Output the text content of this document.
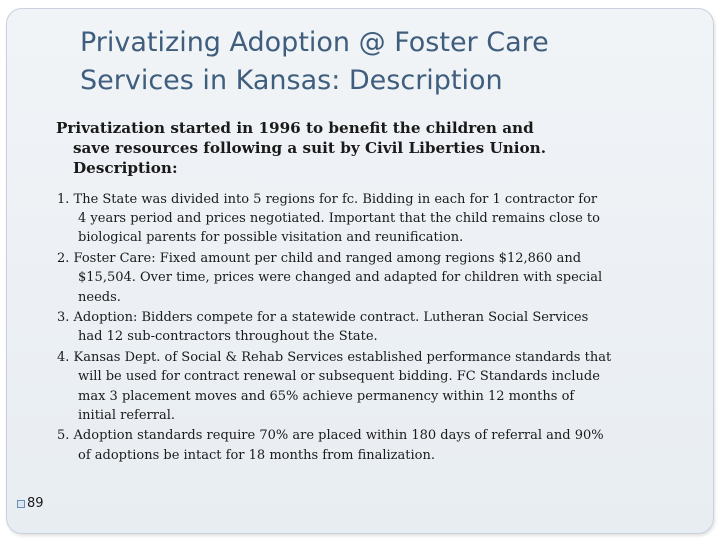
Privatizing Adoption @ Foster Care
Services in Kansas: Description

Privatization started in 1996 to benefit the children and
save resources following a suit by Civil Liberties Union.
Description:

1. The State was divided into 5 regions for fc. Bidding in each for 1 contractor for
4 years period and prices negotiated. Important that the child remains close to
biological parents for possible visitation and reunification.
2. Foster Care: Fixed amount per child and ranged among regions $12,860 and
$15,504. Over time, prices were changed and adapted for children with special
needs.
3. Adoption: Bidders compete for a statewide contract. Lutheran Social Services
had 12 sub-contractors throughout the State.
4. Kansas Dept. of Social & Rehab Services established performance standards that
will be used for contract renewal or subsequent bidding. FC Standards include
max 3 placement moves and 65% achieve permanency within 12 months of
initial referral.
5. Adoption standards require 70% are placed within 180 days of referral and 90%
of adoptions be intact for 18 months from finalization.
89
